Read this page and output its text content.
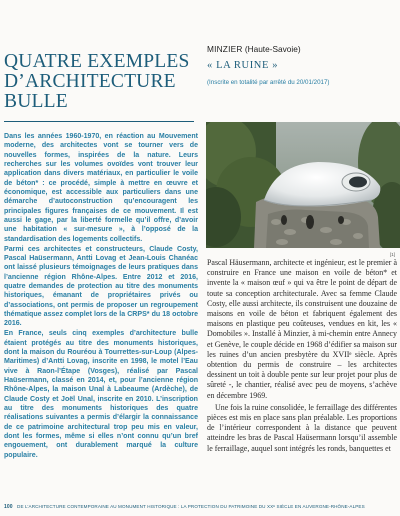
QUATRE EXEMPLES
D’ARCHITECTURE
BULLE

Dans les années 1960-1970, en réaction au Mouvement moderne, des architectes vont se tourner vers de nouvelles formes, inspirées de la nature. Leurs recherches sur les volumes ovoïdes vont trouver leur application dans divers matériaux, en particulier le voile de béton* : ce procédé, simple à mettre en œuvre et économique, est accessible aux particuliers dans une démarche d’autoconstruction qu’encouragent les principales figures françaises de ce mouvement. Il est aussi le gage, par la liberté formelle qu’il offre, d’avoir une habitation « sur-mesure », à l’opposé de la standardisation des logements collectifs.

Parmi ces architectes et constructeurs, Claude Costy, Pascal Haüsermann, Antti Lovag et Jean-Louis Chanéac ont laissé plusieurs témoignages de leurs pratiques dans l’ancienne région Rhône-Alpes. Entre 2012 et 2016, quatre demandes de protection au titre des monuments historiques, émanant de propriétaires privés ou d’associations, ont permis de proposer un regroupement thématique assez complet lors de la CRPS* du 18 octobre 2016.

En France, seuls cinq exemples d’architecture bulle étaient protégés au titre des monuments historiques, dont la maison du Rouréou à Tourrettes-sur-Loup (Alpes-Maritimes) d’Antti Lovag, inscrite en 1998, le motel l’Eau vive à Raon-l’Étape (Vosges), réalisé par Pascal Haüsermann, classé en 2014, et, pour l’ancienne région Rhône-Alpes, la maison Unal à Labeaume (Ardèche), de Claude Costy et Joël Unal, inscrite en 2010. L’inscription au titre des monuments historiques des quatre réalisations suivantes a permis d’élargir la connaissance de ce patrimoine architectural trop peu mis en valeur, dont les formes, même si elles n’ont connu qu’un bref engouement, ont durablement marqué la culture populaire.

MINZIER (Haute-Savoie)
« LA RUINE »
(Inscrite en totalité par arrêté du 20/01/2017)
[1]

Pascal Häusermann, architecte et ingénieur, est le premier à construire en France une maison en voile de béton* et invente la « maison œuf » qui va être le point de départ de toute sa conception architecturale. Avec sa femme Claude Costy, elle aussi architecte, ils construisent une douzaine de maisons en voile de béton et fabriquent également des maisons en plastique peu coûteuses, vendues en kit, les « Domobiles ». Installé à Minzier, à mi-chemin entre Annecy et Genève, le couple décide en 1968 d’édifier sa maison sur les ruines d’un ancien presbytère du XVIIᵉ siècle. Après obtention du permis de construire – les architectes dessinent un toit à double pente sur leur projet pour plus de sûreté -, le chantier, réalisé avec peu de moyens, s’achève en décembre 1969.

Une fois la ruine consolidée, le ferraillage des différentes pièces est mis en place sans plan préalable. Les proportions de l’intérieur correspondent à la distance que peuvent atteindre les bras de Pascal Haüsermann lorsqu’il assemble le ferraillage, auquel sont intégrés les ronds, banquettes et

100 DE L’ARCHITECTURE CONTEMPORAINE AU MONUMENT HISTORIQUE : LA PROTECTION DU PATRIMOINE DU XXᵉ SIÈCLE EN AUVERGNE-RHÔNE-ALPES
